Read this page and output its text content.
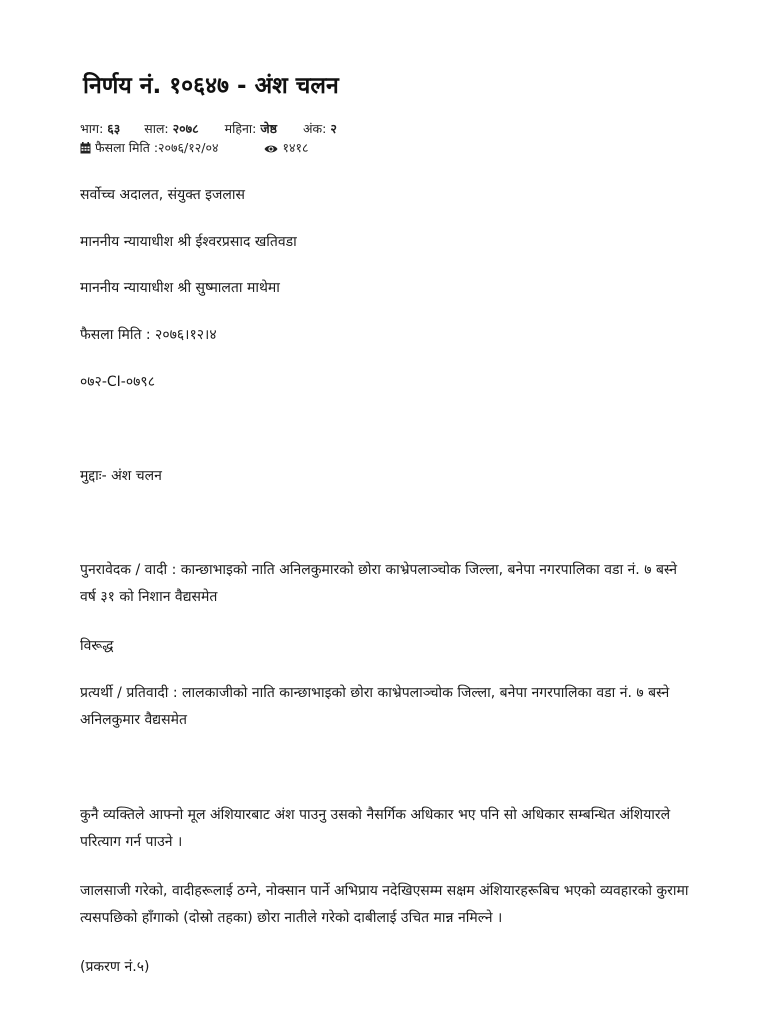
निर्णय नं. १०६४७ - अंश चलन
भाग: ६३ साल: २०७८ महिना: जेष्ठ अंक: २
फैसला मिति :२०७६/१२/०४	१४१८
सर्वोच्च अदालत, संयुक्त इजलास
माननीय न्यायाधीश श्री ईश्वरप्रसाद खतिवडा
माननीय न्यायाधीश श्री सुष्मालता माथेमा
फैसला मिति : २०७६।१२।४
०७२-CI-०७९८
मुद्दाः- अंश चलन
पुनरावेदक / वादी : कान्छाभाइको नाति अनिलकुमारको छोरा काभ्रेपलाञ्चोक जिल्ला, बनेपा नगरपालिका वडा नं. ७ बस्ने वर्ष ३१ को निशान वैद्यसमेत
विरूद्ध
प्रत्यर्थी / प्रतिवादी : लालकाजीको नाति कान्छाभाइको छोरा काभ्रेपलाञ्चोक जिल्ला, बनेपा नगरपालिका वडा नं. ७ बस्ने अनिलकुमार वैद्यसमेत
कुनै व्यक्तिले आफ्नो मूल अंशियारबाट अंश पाउनु उसको नैसर्गिक अधिकार भए पनि सो अधिकार सम्बन्धित अंशियारले परित्याग गर्न पाउने ।
जालसाजी गरेको, वादीहरूलाई ठग्ने, नोक्सान पार्ने अभिप्राय नदेखिएसम्म सक्षम अंशियारहरूबिच भएको व्यवहारको कुरामा त्यसपछिको हाँगाको (दोस्रो तहका) छोरा नातीले गरेको दाबीलाई उचित मान्न नमिल्ने ।
(प्रकरण नं.५)
